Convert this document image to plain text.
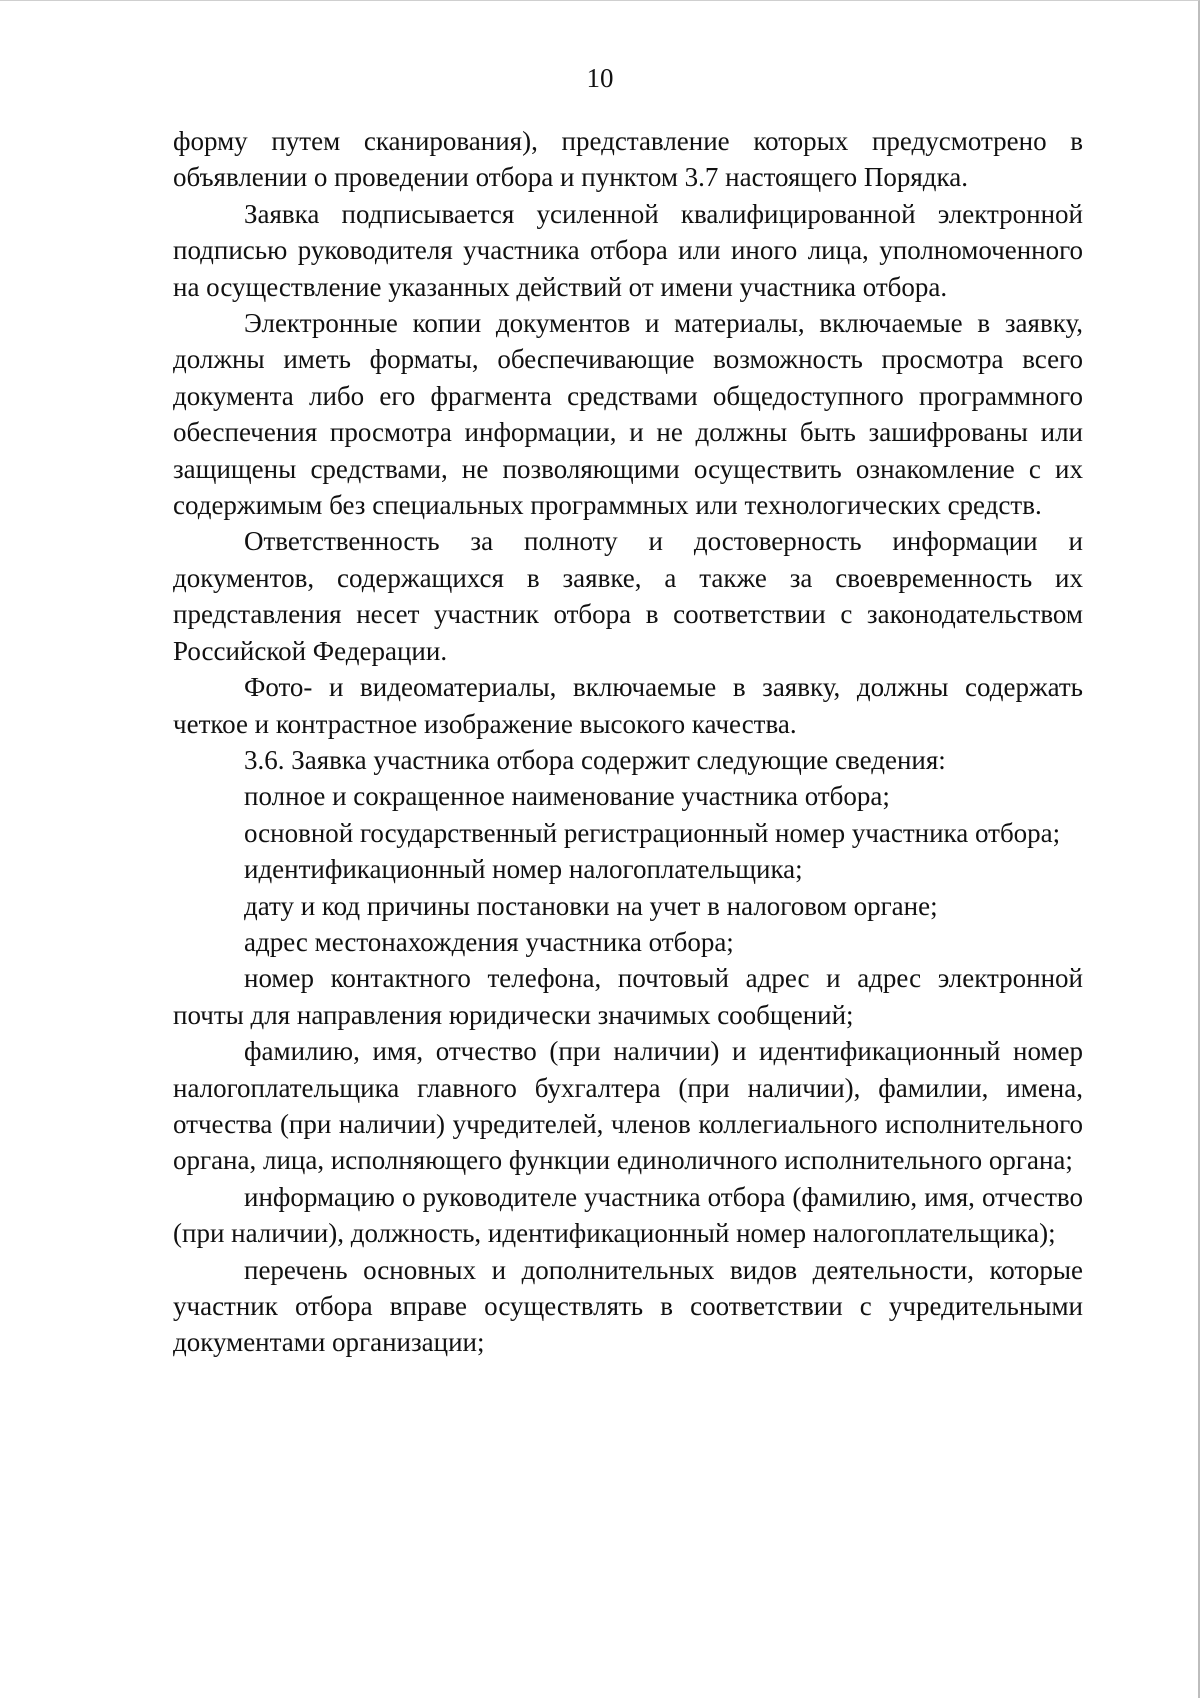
10

форму путем сканирования), представление которых предусмотрено в объявлении о проведении отбора и пунктом 3.7 настоящего Порядка.

Заявка подписывается усиленной квалифицированной электронной подписью руководителя участника отбора или иного лица, уполномоченного на осуществление указанных действий от имени участника отбора.

Электронные копии документов и материалы, включаемые в заявку, должны иметь форматы, обеспечивающие возможность просмотра всего документа либо его фрагмента средствами общедоступного программного обеспечения просмотра информации, и не должны быть зашифрованы или защищены средствами, не позволяющими осуществить ознакомление с их содержимым без специальных программных или технологических средств.

Ответственность за полноту и достоверность информации и документов, содержащихся в заявке, а также за своевременность их представления несет участник отбора в соответствии с законодательством Российской Федерации.

Фото- и видеоматериалы, включаемые в заявку, должны содержать четкое и контрастное изображение высокого качества.

3.6. Заявка участника отбора содержит следующие сведения:

полное и сокращенное наименование участника отбора;

основной государственный регистрационный номер участника отбора;

идентификационный номер налогоплательщика;

дату и код причины постановки на учет в налоговом органе;

адрес местонахождения участника отбора;

номер контактного телефона, почтовый адрес и адрес электронной почты для направления юридически значимых сообщений;

фамилию, имя, отчество (при наличии) и идентификационный номер налогоплательщика главного бухгалтера (при наличии), фамилии, имена, отчества (при наличии) учредителей, членов коллегиального исполнительного органа, лица, исполняющего функции единоличного исполнительного органа;

информацию о руководителе участника отбора (фамилию, имя, отчество (при наличии), должность, идентификационный номер налогоплательщика);

перечень основных и дополнительных видов деятельности, которые участник отбора вправе осуществлять в соответствии с учредительными документами организации;
